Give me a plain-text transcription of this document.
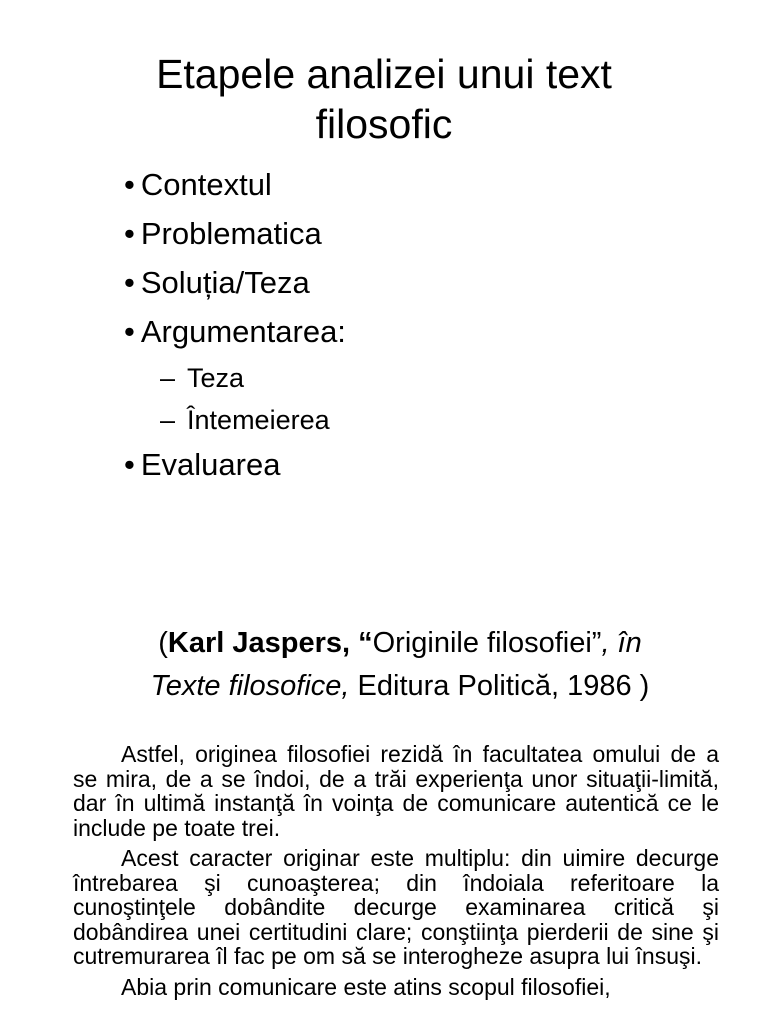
Etapele analizei unui text
filosofic
• Contextul
• Problematica
• Soluția/Teza
• Argumentarea:
– Teza
– Întemeierea
• Evaluarea
(Karl Jaspers, “Originile filosofiei”, în
Texte filosofice, Editura Politică, 1986 )

Astfel, originea filosofiei rezidă în facultatea omului de a se mira, de a se îndoi, de a trăi experienţa unor situaţii-limită, dar în ultimă instanţă în voinţa de comunicare autentică ce le include pe toate trei.

Acest caracter originar este multiplu: din uimire decurge întrebarea şi cunoaşterea; din îndoiala referitoare la cunoştinţele dobândite decurge examinarea critică şi dobândirea unei certitudini clare; conştiinţa pierderii de sine şi cutremurarea îl fac pe om să se interogheze asupra lui însuşi.

Abia prin comunicare este atins scopul filosofiei,
